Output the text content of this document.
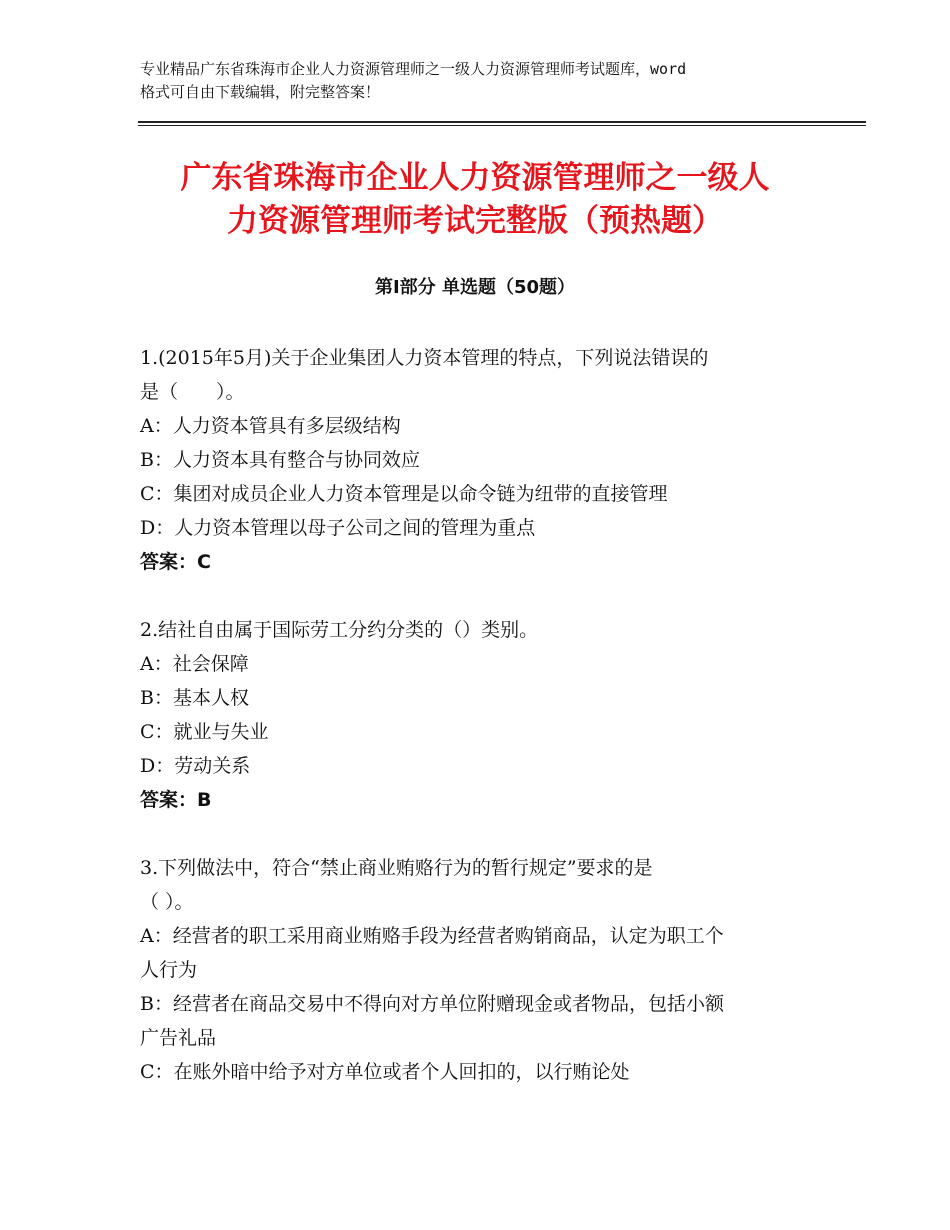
专业精品广东省珠海市企业人力资源管理师之一级人力资源管理师考试题库，word
格式可自由下载编辑，附完整答案！
广东省珠海市企业人力资源管理师之一级人
力资源管理师考试完整版（预热题）
第Ⅰ部分 单选题（50题）
1.(2015年5月)关于企业集团人力资本管理的特点，下列说法错误的
是（　　）。
A：人力资本管具有多层级结构
B：人力资本具有整合与协同效应
C：集团对成员企业人力资本管理是以命令链为纽带的直接管理
D：人力资本管理以母子公司之间的管理为重点
答案：C
2.结社自由属于国际劳工分约分类的（）类别。
A：社会保障
B：基本人权
C：就业与失业
D：劳动关系
答案：B
3.下列做法中，符合“禁止商业贿赂行为的暂行规定”要求的是
（ ）。
A：经营者的职工采用商业贿赂手段为经营者购销商品，认定为职工个
人行为
B：经营者在商品交易中不得向对方单位附赠现金或者物品，包括小额
广告礼品
C：在账外暗中给予对方单位或者个人回扣的，以行贿论处
